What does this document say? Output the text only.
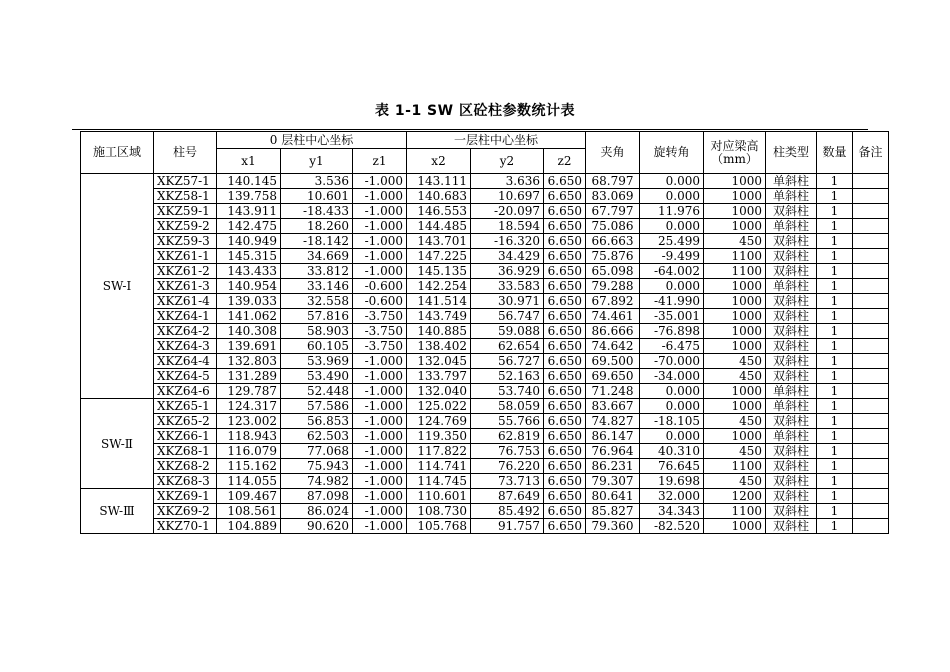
表 1-1 SW 区砼柱参数统计表
施工区域	柱号	0 层柱中心坐标			一层柱中心坐标			夹角	旋转角	对应梁高（mm）	柱类型	数量	备注
		x1	y1	z1	x2	y2	z2						
SW-I	XKZ57-1	140.145	3.536	-1.000	143.111	3.636	6.650	68.797	0.000	1000	单斜柱	1	
	XKZ58-1	139.758	10.601	-1.000	140.683	10.697	6.650	83.069	0.000	1000	单斜柱	1	
	XKZ59-1	143.911	-18.433	-1.000	146.553	-20.097	6.650	67.797	11.976	1000	双斜柱	1	
	XKZ59-2	142.475	18.260	-1.000	144.485	18.594	6.650	75.086	0.000	1000	单斜柱	1	
	XKZ59-3	140.949	-18.142	-1.000	143.701	-16.320	6.650	66.663	25.499	450	双斜柱	1	
	XKZ61-1	145.315	34.669	-1.000	147.225	34.429	6.650	75.876	-9.499	1100	双斜柱	1	
	XKZ61-2	143.433	33.812	-1.000	145.135	36.929	6.650	65.098	-64.002	1100	双斜柱	1	
	XKZ61-3	140.954	33.146	-0.600	142.254	33.583	6.650	79.288	0.000	1000	单斜柱	1	
	XKZ61-4	139.033	32.558	-0.600	141.514	30.971	6.650	67.892	-41.990	1000	双斜柱	1	
	XKZ64-1	141.062	57.816	-3.750	143.749	56.747	6.650	74.461	-35.001	1000	双斜柱	1	
	XKZ64-2	140.308	58.903	-3.750	140.885	59.088	6.650	86.666	-76.898	1000	双斜柱	1	
	XKZ64-3	139.691	60.105	-3.750	138.402	62.654	6.650	74.642	-6.475	1000	双斜柱	1	
	XKZ64-4	132.803	53.969	-1.000	132.045	56.727	6.650	69.500	-70.000	450	双斜柱	1	
	XKZ64-5	131.289	53.490	-1.000	133.797	52.163	6.650	69.650	-34.000	450	双斜柱	1	
	XKZ64-6	129.787	52.448	-1.000	132.040	53.740	6.650	71.248	0.000	1000	单斜柱	1	
SW-Ⅱ	XKZ65-1	124.317	57.586	-1.000	125.022	58.059	6.650	83.667	0.000	1000	单斜柱	1	
	XKZ65-2	123.002	56.853	-1.000	124.769	55.766	6.650	74.827	-18.105	450	双斜柱	1	
	XKZ66-1	118.943	62.503	-1.000	119.350	62.819	6.650	86.147	0.000	1000	单斜柱	1	
	XKZ68-1	116.079	77.068	-1.000	117.822	76.753	6.650	76.964	40.310	450	双斜柱	1	
	XKZ68-2	115.162	75.943	-1.000	114.741	76.220	6.650	86.231	76.645	1100	双斜柱	1	
	XKZ68-3	114.055	74.982	-1.000	114.745	73.713	6.650	79.307	19.698	450	双斜柱	1	
SW-Ⅲ	XKZ69-1	109.467	87.098	-1.000	110.601	87.649	6.650	80.641	32.000	1200	双斜柱	1	
	XKZ69-2	108.561	86.024	-1.000	108.730	85.492	6.650	85.827	34.343	1100	双斜柱	1	
	XKZ70-1	104.889	90.620	-1.000	105.768	91.757	6.650	79.360	-82.520	1000	双斜柱	1	
